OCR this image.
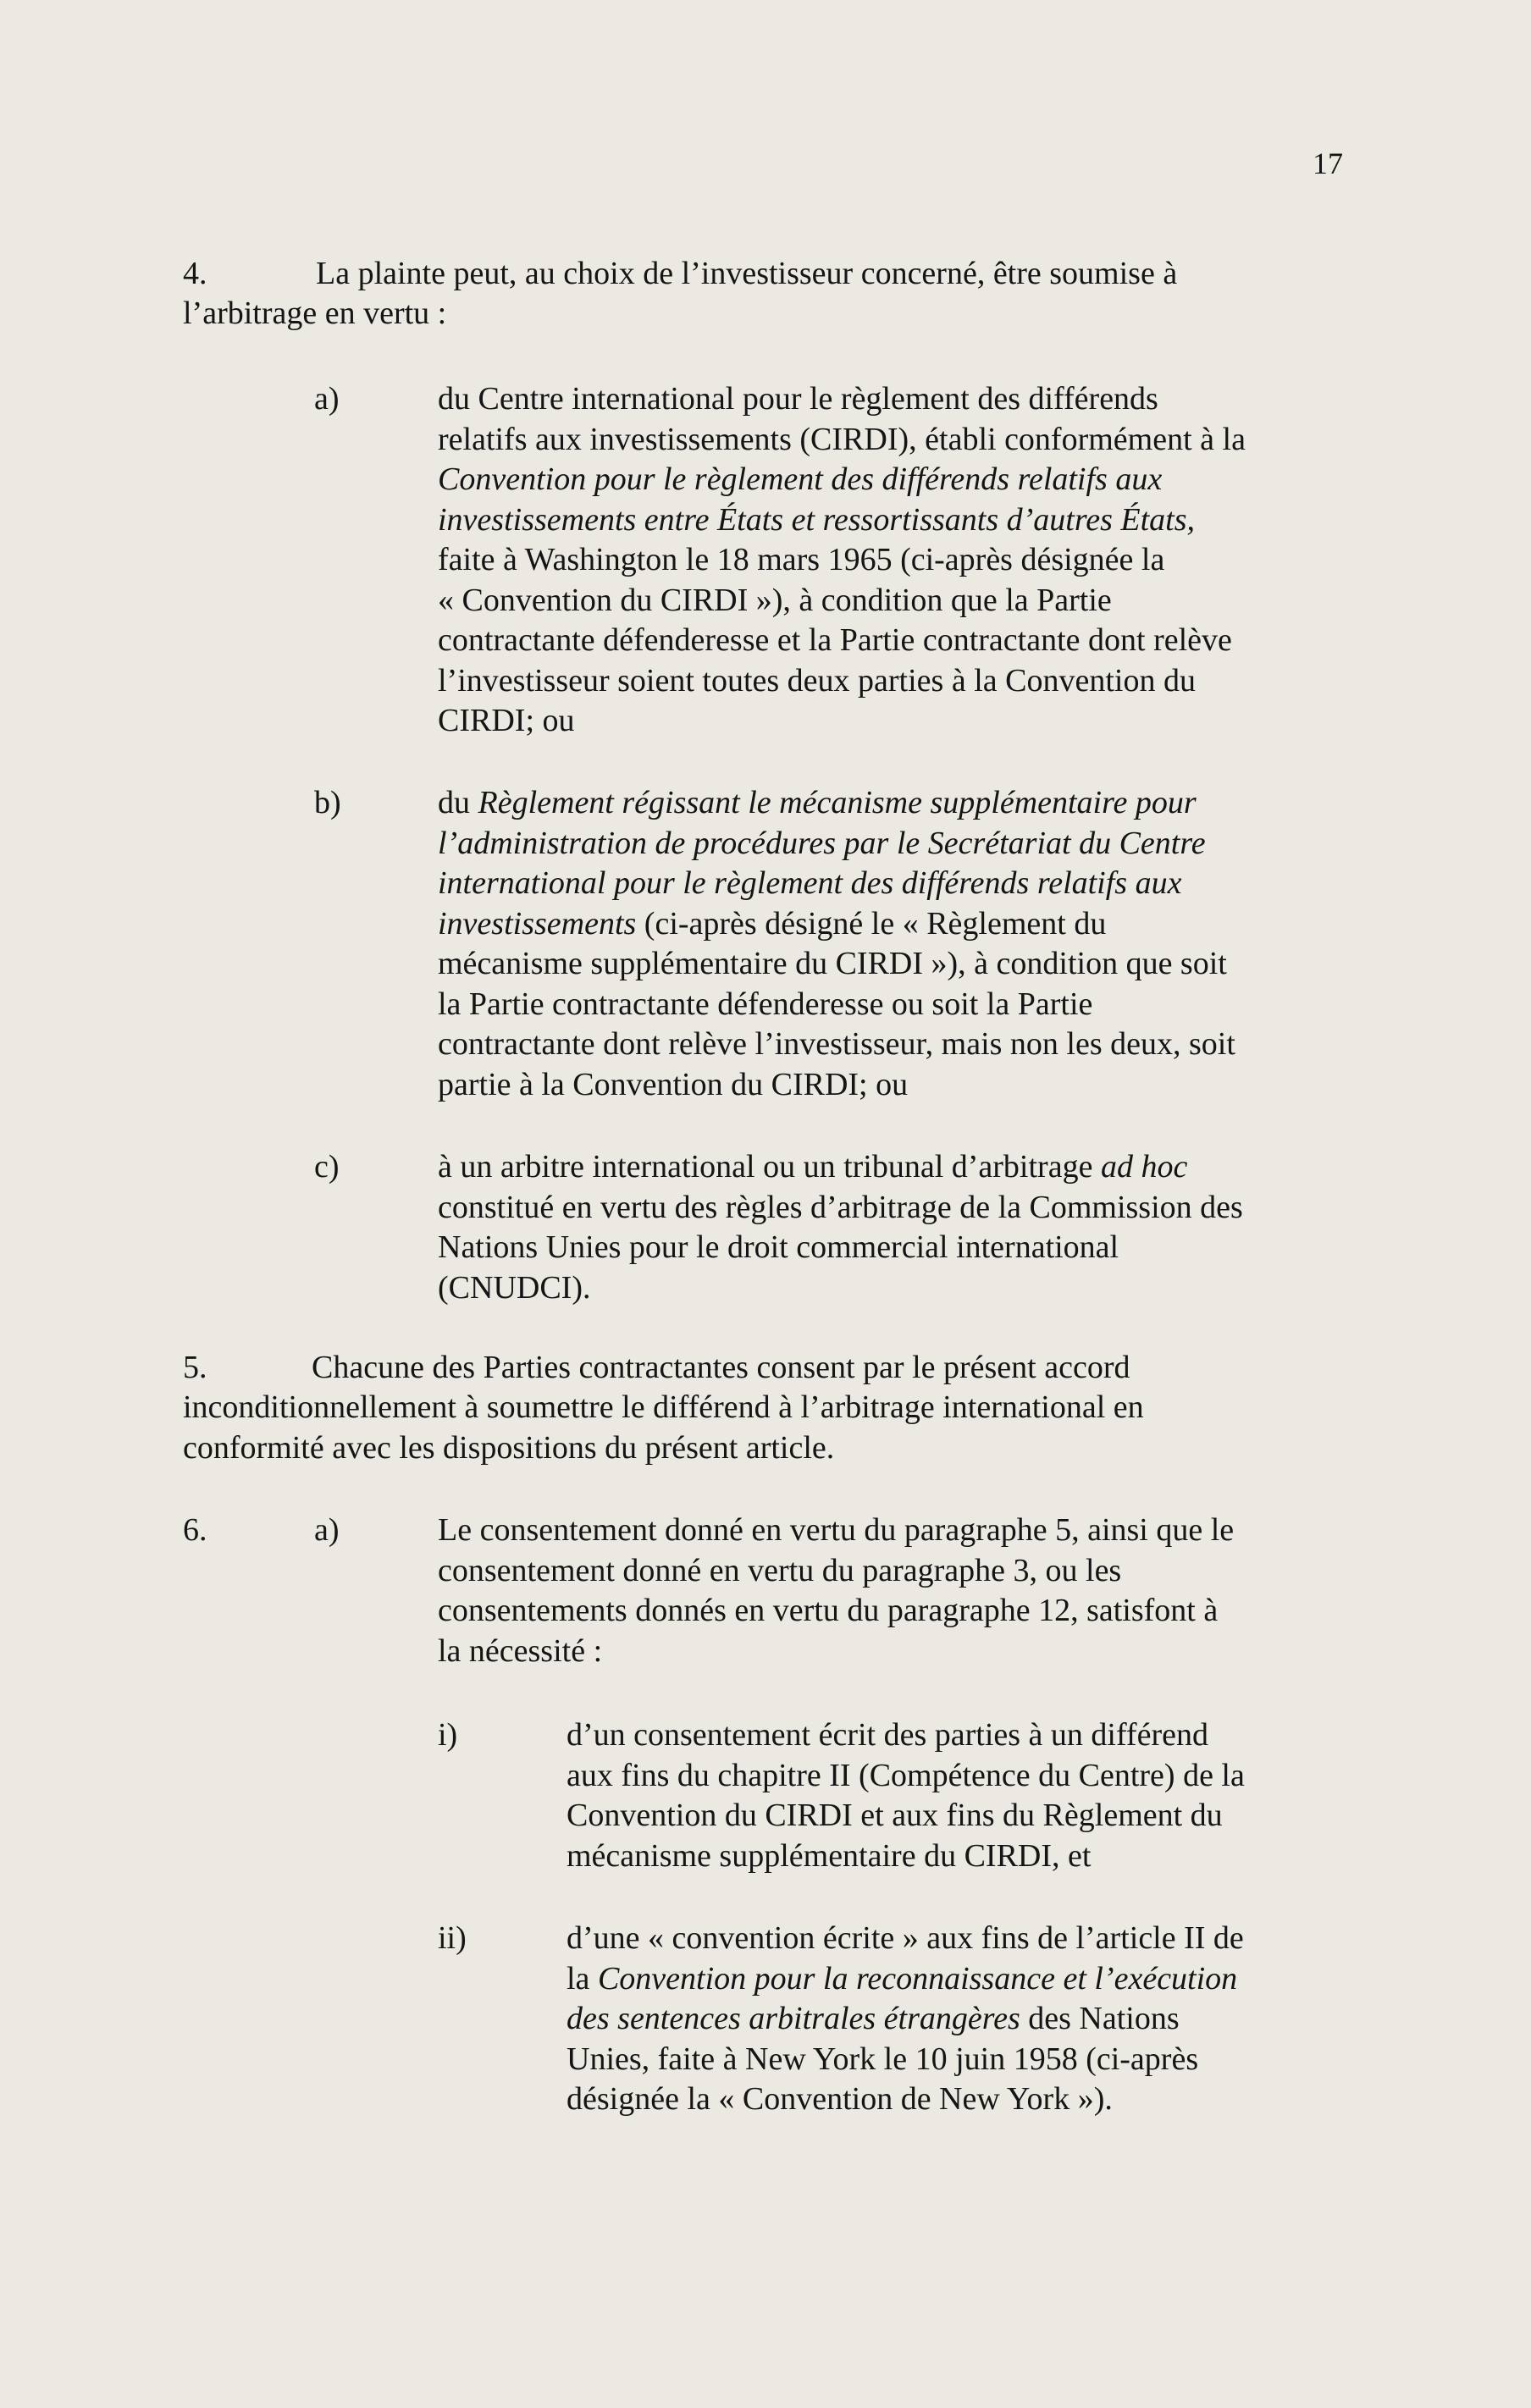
17
4.	La plainte peut, au choix de l’investisseur concerné, être soumise à
l’arbitrage en vertu :
a)	du Centre international pour le règlement des différends
relatifs aux investissements (CIRDI), établi conformément à la
Convention pour le règlement des différends relatifs aux
investissements entre États et ressortissants d’autres États,
faite à Washington le 18 mars 1965 (ci-après désignée la
« Convention du CIRDI »), à condition que la Partie
contractante défenderesse et la Partie contractante dont relève
l’investisseur soient toutes deux parties à la Convention du
CIRDI; ou
b)	du Règlement régissant le mécanisme supplémentaire pour
l’administration de procédures par le Secrétariat du Centre
international pour le règlement des différends relatifs aux
investissements (ci-après désigné le « Règlement du
mécanisme supplémentaire du CIRDI »), à condition que soit
la Partie contractante défenderesse ou soit la Partie
contractante dont relève l’investisseur, mais non les deux, soit
partie à la Convention du CIRDI; ou
c)	à un arbitre international ou un tribunal d’arbitrage ad hoc
constitué en vertu des règles d’arbitrage de la Commission des
Nations Unies pour le droit commercial international
(CNUDCI).
5.	Chacune des Parties contractantes consent par le présent accord
inconditionnellement à soumettre le différend à l’arbitrage international en
conformité avec les dispositions du présent article.
6.	a)	Le consentement donné en vertu du paragraphe 5, ainsi que le
consentement donné en vertu du paragraphe 3, ou les
consentements donnés en vertu du paragraphe 12, satisfont à
la nécessité :
i)	d’un consentement écrit des parties à un différend
aux fins du chapitre II (Compétence du Centre) de la
Convention du CIRDI et aux fins du Règlement du
mécanisme supplémentaire du CIRDI, et
ii)	d’une « convention écrite » aux fins de l’article II de
la Convention pour la reconnaissance et l’exécution
des sentences arbitrales étrangères des Nations
Unies, faite à New York le 10 juin 1958 (ci-après
désignée la « Convention de New York »).
